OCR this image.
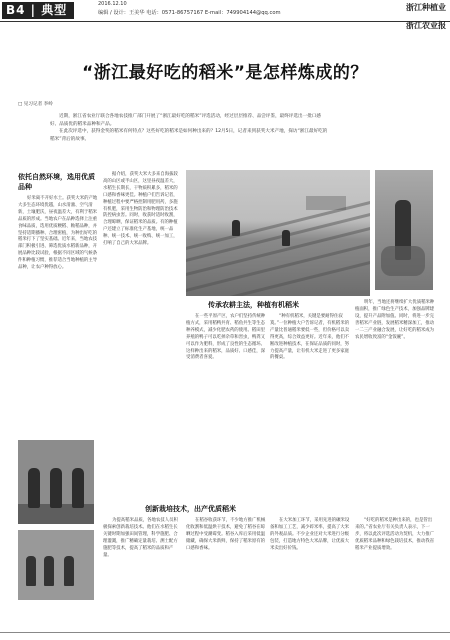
B4 | 典型	2016.12.10
编辑 / 设计：王美华 电话：0571-86757167 E-mail：749904144@qq.com
浙江种植业
浙江农业报
“浙江最好吃的稻米”是怎样炼成的？
□ 见习记者 李岭

近期，浙江省农业厅联合各地农技推广部门开展了“浙江最好吃的稻米”评选活动，经过层层推荐、品尝评鉴，最终评选出一批口感好、品质优的稻米品种和产品。

在此次评选中，获得金奖的稻米有何特点？这些好吃的稻米是如何种出来的？12月5日，记者来到获奖大米产地，探访“浙江最好吃的稻米”背后的故事。

依托自然环境，选用优质品种
好米离不开好水土。获奖大米的产地大多生态环境优越，山水清澈、空气清新，土壤肥沃，昼夜温差大，有利于稻米品质的形成。当地农户在品种选择上注重食味品质，选用优质粳稻、籼稻品种，并坚持适期播种、合理密植，为种出好吃的稻米打下了坚实基础。近年来，当地农技部门积极引进、筛选优质水稻新品种，开展品种比较试验，根据不同区域的气候条件和种植习惯，推荐适合当地种植的主导品种，让农户种得放心。
据介绍，获奖大米大多来自海拔较高的山区或半山区，这里昼夜温差大，水稻生长期长，干物质积累多，稻米的口感和香味更佳。种植户们告诉记者，种植过程中要严格控制用肥用药，多施有机肥，采用生物防治和物理防治技术防控病虫害。同时，收获时适时收割，合理晾晒，保证稻米的品质。有的种植户还建立了标准化生产基地，统一品种、统一技术、统一收购、统一加工，打响了自己的大米品牌。
传承农耕主法，种植有机稻米
在一些平原产区，农户们坚持传统种植方式，采用稻鸭共育、稻鱼共生等生态种养模式，减少化肥农药的使用。稻田里养殖的鸭子可以吃掉杂草和害虫，鸭粪又可以作为肥料，形成了良性的生态循环。这样种出来的稻米，品质好、口感佳，深受消费者喜爱。
“种有机稻米，关键是要耐得住寂寞。”一位种植大户告诉记者，有机稻米的产量比普通稻米要低一些，但价格可以卖得更高，综合效益更好。近年来，他们不断改进种植技术，在保证品质的同时，努力提高产量，让有机大米走进了更多家庭的餐桌。
明年，当地还将继续扩大优质稻米种植面积，推广绿色生产技术，加强品牌建设，提升产品附加值。同时，将进一步完善稻米产业链，发展稻米精深加工，推动一二三产业融合发展，让好吃的稻米成为农民增收致富的“金饭碗”。
创新栽培技术，出产优质稻米
为提高稻米品质，各地农技人员积极探索创新栽培技术。他们在水稻生长关键时期加强田间管理，科学施肥、合理灌溉，推广精确定量栽培、测土配方施肥等技术，提高了稻米的品质和产量。
在稻谷收获环节，不少地方推广机械化收割和低温烘干技术，避免了稻谷在晾晒过程中受潮霉变。稻谷入库后采用低温储藏，确保大米新鲜，保持了稻米原有的口感和香味。
在大米加工环节，采用先进的碾米设备和加工工艺，减少碎米率，提高了大米的外观品质。不少企业还对大米进行分级包装，打造地方特色大米品牌，让优质大米卖出好价钱。
“好吃的稻米是种出来的，也是管出来的。”省农业厅有关负责人表示，下一步，将以此次评选活动为契机，大力推广优质稻米品种和绿色栽培技术，推动我省稻米产业提质增效。
